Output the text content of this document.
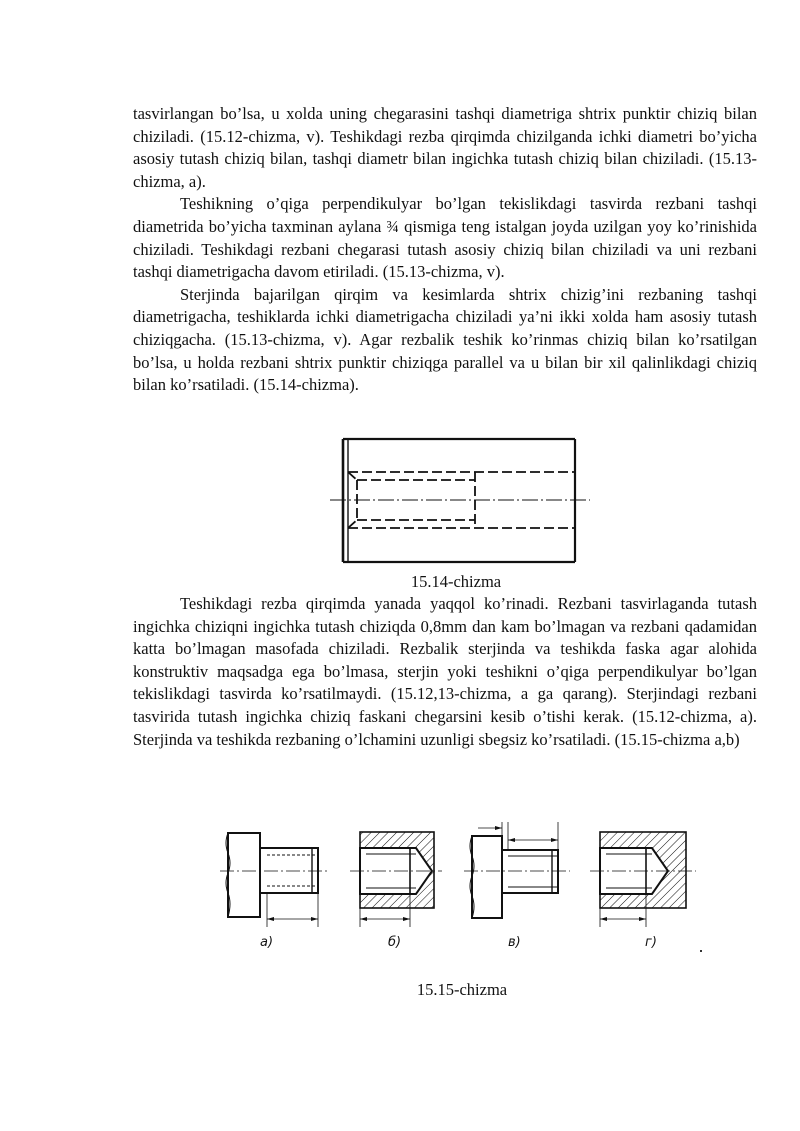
tasvirlangan bo’lsa, u xolda uning chegarasini tashqi diametriga shtrix punktir chiziq bilan chiziladi. (15.12-chizma, v). Teshikdagi rezba qirqimda chizilganda ichki diametri bo’yicha asosiy tutash chiziq bilan, tashqi diametr bilan ingichka tutash chiziq bilan chiziladi. (15.13-chizma, a).

Teshikning o’qiga perpendikulyar bo’lgan tekislikdagi tasvirda rezbani tashqi diametrida bo’yicha taxminan aylana ¾ qismiga teng istalgan joyda uzilgan yoy ko’rinishida chiziladi. Teshikdagi rezbani chegarasi tutash asosiy chiziq bilan chiziladi va uni rezbani tashqi diametrigacha davom etiriladi. (15.13-chizma, v).

Sterjinda bajarilgan qirqim va kesimlarda shtrix chizig’ini rezbaning tashqi diametrigacha, teshiklarda ichki diametrigacha chiziladi ya’ni ikki xolda ham asosiy tutash chiziqgacha. (15.13-chizma, v). Agar rezbalik teshik ko’rinmas chiziq bilan ko’rsatilgan bo’lsa, u holda rezbani shtrix punktir chiziqga parallel va u bilan bir xil qalinlikdagi chiziq bilan ko’rsatiladi. (15.14-chizma).

15.14-chizma

Teshikdagi rezba qirqimda yanada yaqqol ko’rinadi. Rezbani tasvirlaganda tutash ingichka chiziqni ingichka tutash chiziqda 0,8mm dan kam bo’lmagan va rezbani qadamidan katta bo’lmagan masofada chiziladi. Rezbalik sterjinda va teshikda faska agar alohida konstruktiv maqsadga ega bo’lmasa, sterjin yoki teshikni o’qiga perpendikulyar bo’lgan tekislikdagi tasvirda ko’rsatilmaydi. (15.12,13-chizma, a ga qarang). Sterjindagi rezbani tasvirida tutash ingichka chiziq faskani chegarsini kesib o’tishi kerak. (15.12-chizma, a). Sterjinda va teshikda rezbaning o’lchamini uzunligi sbegsiz ko’rsatiladi. (15.15-chizma a,b)

а)	б)	в)	г)

15.15-chizma
